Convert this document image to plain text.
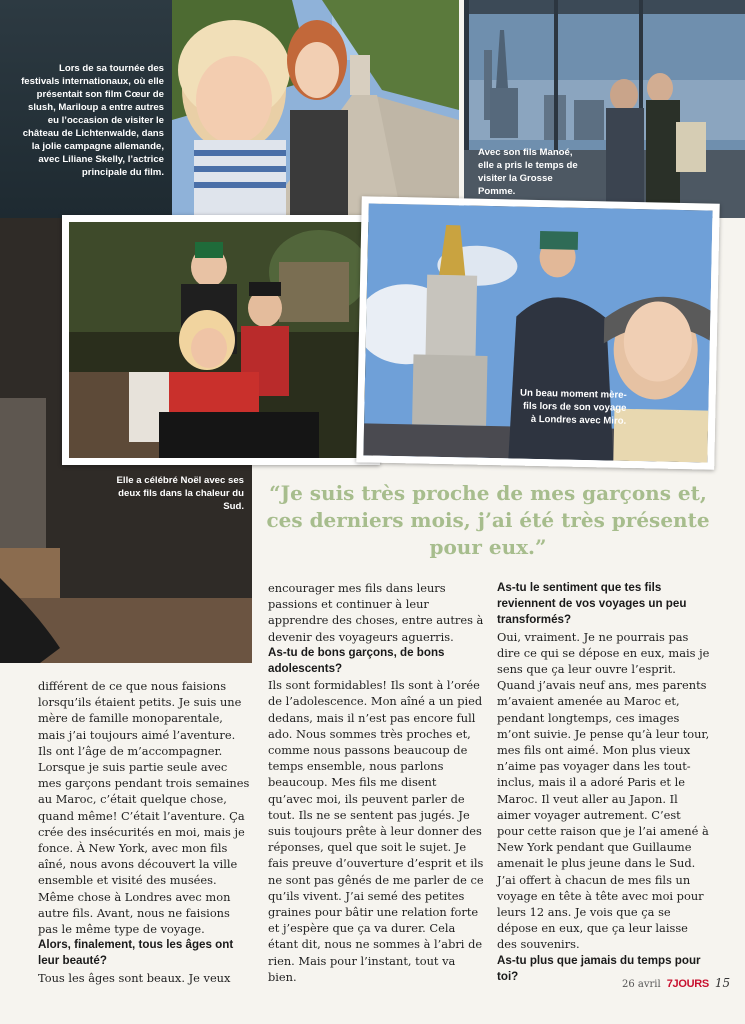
Lors de sa tournée des festivals internationaux, où elle présentait son film Cœur de slush, Mariloup a entre autres eu l’occasion de visiter le château de Lichtenwalde, dans la jolie campagne allemande, avec Liliane Skelly, l’actrice principale du film.

Avec son fils Manoé, elle a pris le temps de visiter la Grosse Pomme.

Un beau moment mère-fils lors de son voyage à Londres avec Miro.

Elle a célébré Noël avec ses deux fils dans la chaleur du Sud.

“Je suis très proche de mes garçons et, ces derniers mois, j’ai été très présente pour eux.”

différent de ce que nous faisions lorsqu’ils étaient petits. Je suis une mère de famille monoparentale, mais j’ai toujours aimé l’aventure. Ils ont l’âge de m’accompagner. Lorsque je suis partie seule avec mes garçons pendant trois semaines au Maroc, c’était quelque chose, quand même! C’était l’aventure. Ça crée des insécurités en moi, mais je fonce. À New York, avec mon fils aîné, nous avons découvert la ville ensemble et visité des musées. Même chose à Londres avec mon autre fils. Avant, nous ne faisions pas le même type de voyage.

Alors, finalement, tous les âges ont leur beauté?

Tous les âges sont beaux. Je veux

encourager mes fils dans leurs passions et continuer à leur apprendre des choses, entre autres à devenir des voyageurs aguerris.

As-tu de bons garçons, de bons adolescents?

Ils sont formidables! Ils sont à l’orée de l’adolescence. Mon aîné a un pied dedans, mais il n’est pas encore full ado. Nous sommes très proches et, comme nous passons beaucoup de temps ensemble, nous parlons beaucoup. Mes fils me disent qu’avec moi, ils peuvent parler de tout. Ils ne se sentent pas jugés. Je suis toujours prête à leur donner des réponses, quel que soit le sujet. Je fais preuve d’ouverture d’esprit et ils ne sont pas gênés de me parler de ce qu’ils vivent. J’ai semé des petites graines pour bâtir une relation forte et j’espère que ça va durer. Cela étant dit, nous ne sommes à l’abri de rien. Mais pour l’instant, tout va bien.

As-tu le sentiment que tes fils reviennent de vos voyages un peu transformés?

Oui, vraiment. Je ne pourrais pas dire ce qui se dépose en eux, mais je sens que ça leur ouvre l’esprit. Quand j’avais neuf ans, mes parents m’avaient amenée au Maroc et, pendant longtemps, ces images m’ont suivie. Je pense qu’à leur tour, mes fils ont aimé. Mon plus vieux n’aime pas voyager dans les tout-inclus, mais il a adoré Paris et le Maroc. Il veut aller au Japon. Il aimer voyager autrement. C’est pour cette raison que je l’ai amené à New York pendant que Guillaume amenait le plus jeune dans le Sud. J’ai offert à chacun de mes fils un voyage en tête à tête avec moi pour leurs 12 ans. Je vois que ça se dépose en eux, que ça leur laisse des souvenirs.

As-tu plus que jamais du temps pour toi?
26 avril 7JOURS 15
